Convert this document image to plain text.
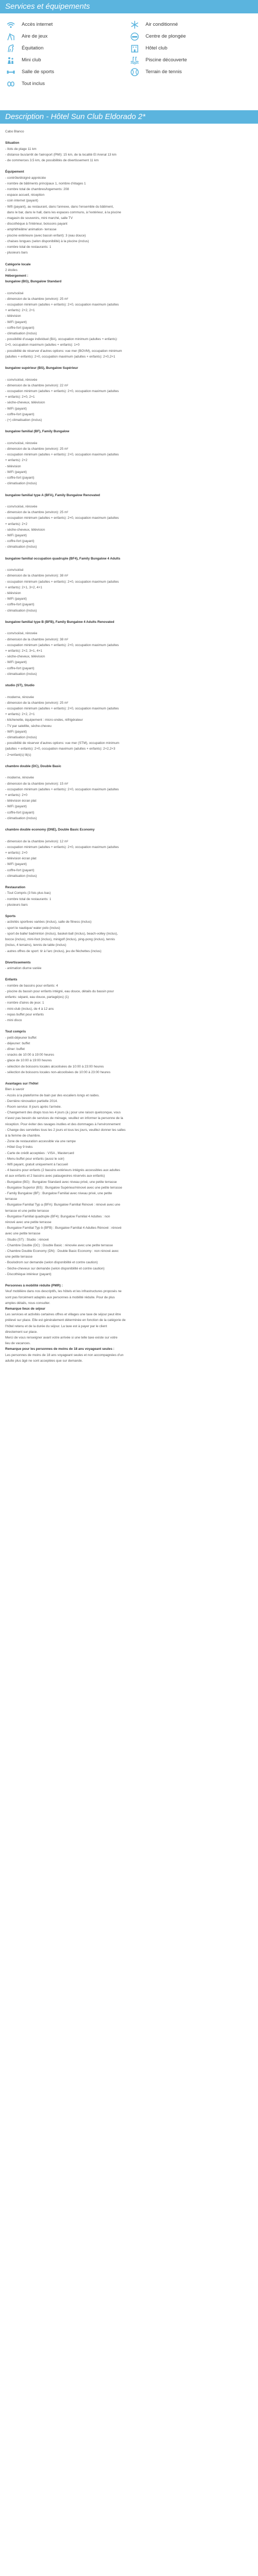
Services et équipements
Accès internet
Aire de jeux
Équitation
Mini club
Salle de sports
Tout inclus
Air conditionné
Centre de plongée
Hôtel club
Piscine découverte
Terrain de tennis
Description - Hôtel Sun Club Eldorado 2*
Cabo Blanco
Situation
- Ilots de plage 11 km
- distance bus/arrêt de l'aéroport (PMI): 15 km, de la localité El Arenal 13 km
- de commerces 3.5 km, de possibilités de divertissement 11 km
Équipement
- contrôle/éloigné appréciée
- nombre de bâtiments principaux 1, nombre d'étages 1
- nombre total de chambres/logements: 208
- espace accueil, réception
- coin internet (payant)
- Wifi (payant), au restaurant, dans l'annexe, dans l'ensemble du bâtiment,
dans le bar, dans le hall, dans les espaces communs, à l'extérieur, à la piscine
- magasin de souvenirs, mini marché, salle TV
- discothèque à l'intérieur, boissons payant
- amphithéâtre/ animation- terrasse
- piscine extérieure (avec bassin enfant): 3 (eau douce)
- chaises longues (selon disponibilité) à la piscine (inclus)
- nombre total de restaurants: 1
- plusieurs bars
Catégorie locale
2 étoiles
Hébergement :
bungalow (BG), Bungalow Standard
- conv/soiisé
- dimension de la chambre (environ): 25 m²
- occupation minimum (adultes + enfants): 2+0, occupation maximum (adultes
+ enfants): 2+2, 2+1
- télévision
- WiFi (payant)
- coffre-fort (payant)
- climatisation (inclus)
- possibilité d'usage individuel (BA), occupation minimum (adultes + enfants):
1+0, occupation maximum (adultes + enfants): 1+0
- possibilité de réserver d'autres options: vue mer (BOVM), occupation minimum
(adultes + enfants): 2+0, occupation maximum (adultes + enfants): 2+0,2+1
bungalow supérieur (BS), Bungalow Supérieur
- conv/soiisé, rénovée
- dimension de la chambre (environ): 22 m²
- occupation minimum (adultes + enfants): 2+0, occupation maximum (adultes
+ enfants): 2+0, 2+1
- sèche-cheveux, télévision
- WiFi (payant)
- coffre-fort (payant)
- (+) climatisation (inclus)
bungalow familial (BF), Family Bungalow
- conv/soiisé, rénovée
- dimension de la chambre (environ): 25 m²
- occupation minimum (adultes + enfants): 2+0, occupation maximum (adultes
+ enfants): 2+2
- télévision
- WiFi (payant)
- coffre-fort (payant)
- climatisation (inclus)
bungalow familial type A (BFA), Family Bungalow Renovated
- conv/soiisé, rénovée
- dimension de la chambre (environ): 25 m²
- occupation minimum (adultes + enfants): 2+0, occupation maximum (adultes
+ enfants): 2+2
- sèche-cheveux, télévision
- WiFi (payant)
- coffre-fort (payant)
- climatisation (inclus)
bungalow familial occupation quadruple (BF4), Family Bungalow 4 Adults
- conv/soiisé
- dimension de la chambre (environ): 38 m²
- occupation minimum (adultes + enfants): 2+0, occupation maximum (adultes
+ enfants): 2+1, 3+2, 4+1
- télévision
- WiFi (payant)
- coffre-fort (payant)
- climatisation (inclus)
bungalow familial type B (BFB), Family Bungalow 4 Adults Renovated
- conv/soiisé, rénovée
- dimension de la chambre (environ): 38 m²
- occupation minimum (adultes + enfants): 2+0, occupation maximum (adultes
+ enfants): 2+2, 3+1, 4+1
- sèche-cheveux, télévision
- WiFi (payant)
- coffre-fort (payant)
- climatisation (inclus)
studio (ST), Studio
- moderne, rénovée
- dimension de la chambre (environ): 25 m²
- occupation minimum (adultes + enfants): 2+0, occupation maximum (adultes
+ enfants): 2+2, 2+1
- kitchenette, équipement : micro-ondes, réfrigérateur
- TV par satellite, sèche-cheveu
- WiFi (payant)
- climatisation (inclus)
- possibilité de réserver d'autres options: vue mer (STM), occupation minimum
(adultes + enfants): 2+0, occupation maximum (adultes + enfants): 2+2,2+3
- 2+enfant(s) lit(s)
chambre double (DC), Double Basic
- moderne, rénovée
- dimension de la chambre (environ): 15 m²
- occupation minimum (adultes + enfants): 2+0, occupation maximum (adultes
+ enfants): 2+0
- télévision écran plat
- WiFi (payant)
- coffre-fort (payant)
- climatisation (inclus)
chambre double economy (DNE), Double Basic Economy
- dimension de la chambre (environ): 12 m²
- occupation minimum (adultes + enfants): 2+0, occupation maximum (adultes
+ enfants): 2+0
- télévision écran plat
- WiFi (payant)
- coffre-fort (payant)
- climatisation (inclus)
Restauration
- Tout Compris (3 fois plus bas)
- nombre total de restaurants: 1
- plusieurs bars
Sports
- activités sportives variées (inclus), salle de fitness (inclus)
- sport le nautique/ water polo (inclus)
- sport de balle/ badminton (inclus), basket-ball (inclus), beach-volley (inclus),
bocce (inclus), mini-foot (inclus), minigolf (inclus), ping-pong (inclus), tennis
(inclus, 4 terrains), tennis de table (inclus)
- autres offres de sport: tir à l'arc (inclus), jeu de fléchettes (inclus)
Divertissements
- animation diurne variée
Enfants
- nombre de bassins pour enfants: 4
- piscine du bassin pour enfants intégré, eau douce, détails du bassin pour
enfants: séparé, eau douce, partagé(es) (1)
- nombre d'aires de jeux: 1
- mini-club (inclus), de 4 à 12 ans
- repas buffet pour enfants
- mini disco
Tout compris
- petit-déjeuner buffet
- déjeuner: buffet
- dîner: buffet
- snacks de 10:00 à 19:00 heures
- glace de 10:00 à 19:00 heures
- sélection de boissons locales alcoolisées de 10:00 à 23:00 heures
- sélection de boissons locales non-alcoolisées de 10:00 à 23:00 heures
Avantages sur l'hôtel
Bien à savoir
- Accès à la plateforme de bain par des escaliers longs et raides.
- Dernière rénovation partielle 2014.
- Room service: 8 jours après l'arrivée.
- Changement des draps tous les 4 jours (à j pour une raison quelconque, vous
n'avez pas besoin de services de ménage, veuillez en informer la personne de la
réception. Pour éviter des ravages inutiles et des dommages à l'environnement
- Change des serviettes tous les 2 jours et tous les jours, veuillez donner les salles
à la femme de chambre.
- Zone de restauration accessible via une rampe
- Hôtel Guy 9 treks
- Carte de crédit acceptées : VISA , Mastercard
- Menu buffet pour enfants (aussi le soir)
- Wifi payant, gratuit uniquement à l'accueil
- 4 bassins pour enfants (2 bassins extérieurs intégrés accessibles aux adultes
et aux enfants et 2 bassins avec pataugeoires réservés aux enfants)
- Bungalow (BG) : Bungalow Standard avec niveau privé, une petite terrasse
- Bungalow Superior (BS) : Bungalow Supérieur/rénové avec une petite terrasse
- Family Bungalow (BF) : Bungalow Familial avec niveau privé, une petite
terrasse
- Bungalow Familial Typ a (BFA): Bungalow Familial Rénové : rénové avec une
terrasse et une petite terrasse
- Bungalow Familial quadruple (BF4): Bungalow Familial 4 Adultes : non
rénové avec une petite terrasse
- Bungalow Familial Typ b (BFB) : Bungalow Familial 4 Adultes Rénové : rénové
avec une petite terrasse
- Studio (ST) : Studio : rénové
- Chambre Double (DC) : Double Basic : rénovée avec une petite terrasse
- Chambre Double Economy (DN) : Double Basic Economy : non rénové avec
une petite terrasse
- Boulodrom sur demande (selon disponibilité et contre caution)
- Sèche-cheveux sur demande (selon disponibilité et contre caution)
- Discothèque intérieur (payant)
Personnes à mobilité réduite (PMR) :
Veuf mobilière dans nos descriptifs, les hôtels et les infrastructures proposés ne
sont pas forcément adaptés aux personnes à mobilité réduite. Pour de plus
amples détails, nous consulter.
Remarque lieux de séjour
Les services et activités certaines offres et villages une taxe de séjour peut être
prélevé sur place. Elle est généralement déterminée en fonction de la catégorie de
l'hôtel retenu et de la durée du séjour. La taxe est à payer par le client
directement sur place.
Merci de vous renseigner avant votre arrivée si une telle taxe existe sur votre
lieu de vacances.
Remarque pour les personnes de moins de 18 ans voyageant seules :
Les personnes de moins de 18 ans voyageant seules et non accompagnées d'un
adulte plus âgé ne sont acceptées que sur demande.
